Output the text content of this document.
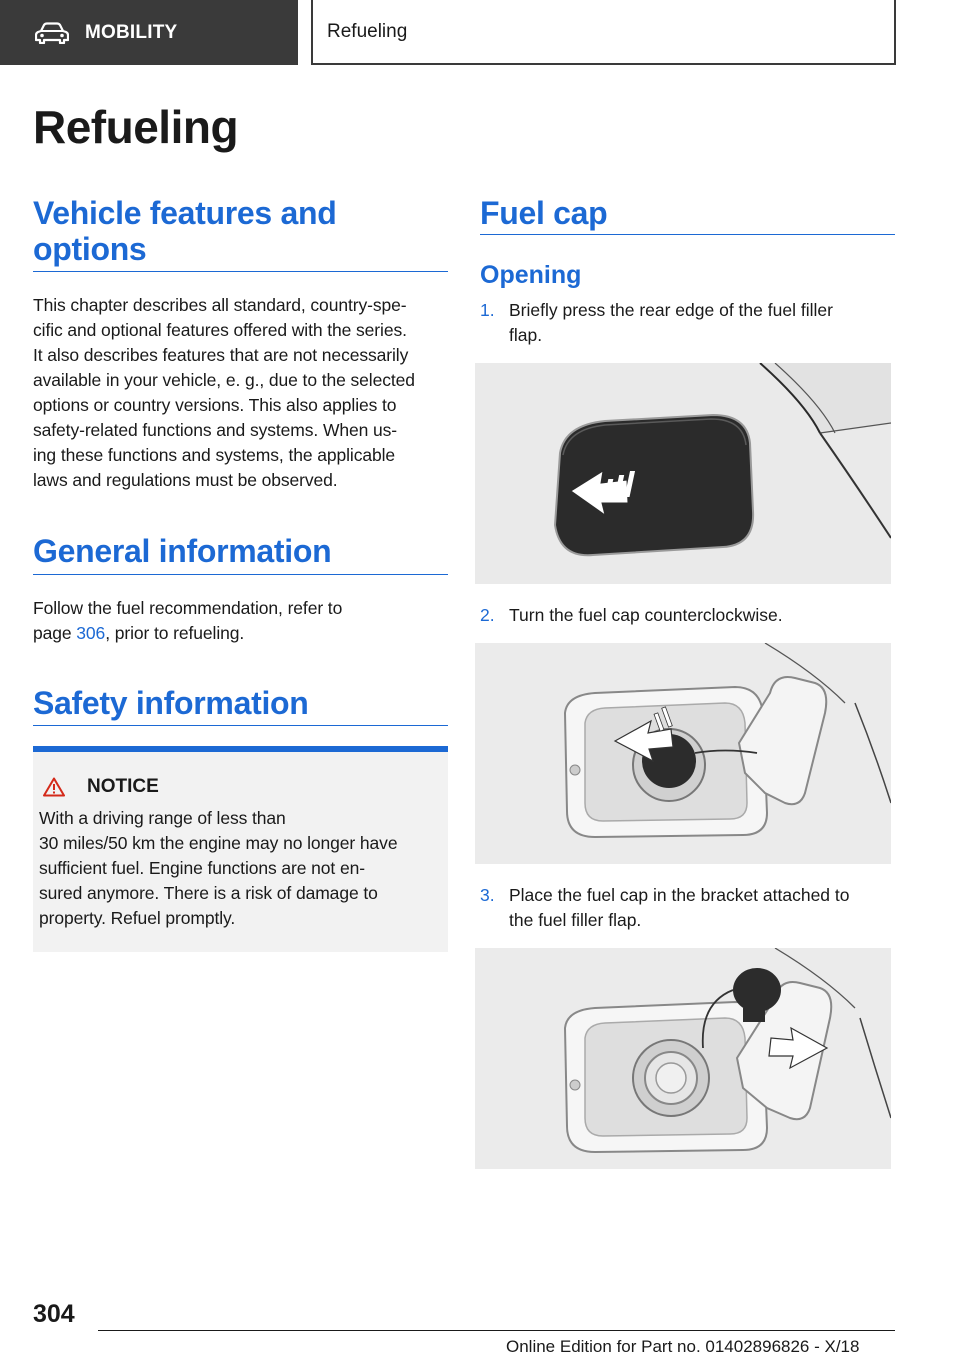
MOBILITY	Refueling
Refueling
Vehicle features and
options
This chapter describes all standard, country-spe‐
cific and optional features offered with the series.
It also describes features that are not necessarily
available in your vehicle, e. g., due to the selected
options or country versions. This also applies to
safety-related functions and systems. When us‐
ing these functions and systems, the applicable
laws and regulations must be observed.
General information
Follow the fuel recommendation, refer to
page 306, prior to refueling.
Safety information
NOTICE
With a driving range of less than
30 miles/50 km the engine may no longer have
sufficient fuel. Engine functions are not en‐
sured anymore. There is a risk of damage to
property. Refuel promptly.
Fuel cap
Opening
1. Briefly press the rear edge of the fuel filler
flap.
2. Turn the fuel cap counterclockwise.
3. Place the fuel cap in the bracket attached to
the fuel filler flap.
304
Online Edition for Part no. 01402896826 - X/18
